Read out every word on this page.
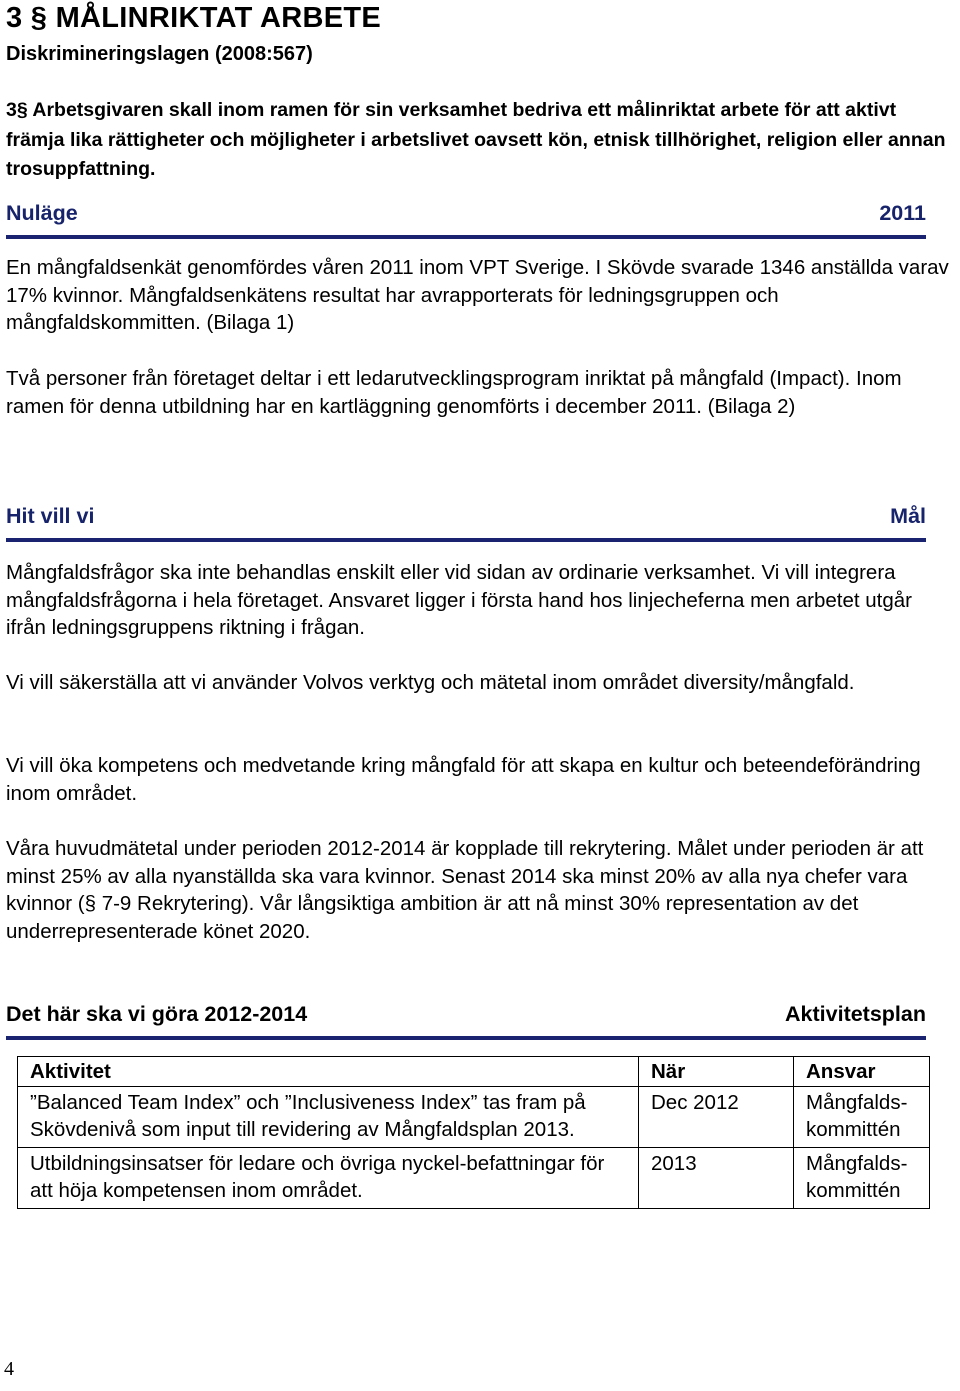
3 § MÅLINRIKTAT ARBETE
Diskrimineringslagen (2008:567)
3§ Arbetsgivaren skall inom ramen för sin verksamhet bedriva ett målinriktat arbete för att aktivt främja lika rättigheter och möjligheter i arbetslivet oavsett kön, etnisk tillhörighet, religion eller annan trosuppfattning.
Nuläge	2011
En mångfaldsenkät genomfördes våren 2011 inom VPT Sverige. I Skövde svarade 1346 anställda varav 17% kvinnor. Mångfaldsenkätens resultat har avrapporterats för ledningsgruppen och mångfaldskommitten. (Bilaga 1)
Två personer från företaget deltar i ett ledarutvecklingsprogram inriktat på mångfald (Impact). Inom ramen för denna utbildning har en kartläggning genomförts i december 2011. (Bilaga 2)
Hit vill vi	Mål
Mångfaldsfrågor ska inte behandlas enskilt eller vid sidan av ordinarie verksamhet. Vi vill integrera mångfaldsfrågorna i hela företaget. Ansvaret ligger i första hand hos linjecheferna men arbetet utgår ifrån ledningsgruppens riktning i frågan.
Vi vill säkerställa att vi använder Volvos verktyg och mätetal inom området diversity/mångfald.
Vi vill öka kompetens och medvetande kring mångfald för att skapa en kultur och beteendeförändring inom området.
Våra huvudmätetal under perioden 2012-2014 är kopplade till rekrytering. Målet under perioden är att minst 25% av alla nyanställda ska vara kvinnor. Senast 2014 ska minst 20% av alla nya chefer vara kvinnor (§ 7-9 Rekrytering). Vår långsiktiga ambition är att nå minst 30% representation av det underrepresenterade könet 2020.
Det här ska vi göra 2012-2014	Aktivitetsplan
Aktivitet	När	Ansvar
”Balanced Team Index” och ”Inclusiveness Index” tas fram på Skövdenivå som input till revidering av Mångfaldsplan 2013.	Dec 2012	Mångfalds-kommittén
Utbildningsinsatser för ledare och övriga nyckel-befattningar för att höja kompetensen inom området.	2013	Mångfalds-kommittén
4
